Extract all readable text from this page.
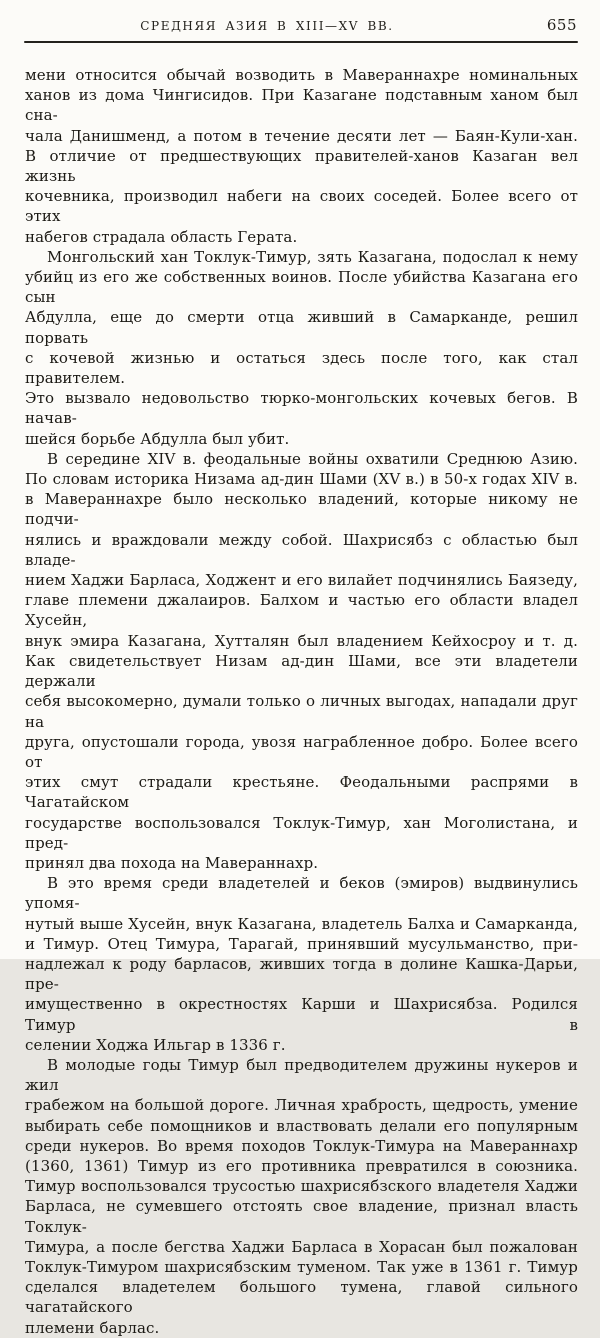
СРЕДНЯЯ АЗИЯ В XIII—XV ВВ.	655
мени относится обычай возводить в Мавераннахре номинальных
ханов из дома Чингисидов. При Казагане подставным ханом был сна-
чала Данишменд, а потом в течение десяти лет — Баян-Кули-хан.
В отличие от предшествующих правителей-ханов Казаган вел жизнь
кочевника, производил набеги на своих соседей. Более всего от этих
набегов страдала область Герата.
Монгольский хан Токлук-Тимур, зять Казагана, подослал к нему
убийц из его же собственных воинов. После убийства Казагана его сын
Абдулла, еще до смерти отца живший в Самарканде, решил порвать
с кочевой жизнью и остаться здесь после того, как стал правителем.
Это вызвало недовольство тюрко-монгольских кочевых бегов. В начав-
шейся борьбе Абдулла был убит.
В середине XIV в. феодальные войны охватили Среднюю Азию.
По словам историка Низама ад-дин Шами (XV в.) в 50-х годах XIV в.
в Мавераннахре было несколько владений, которые никому не подчи-
нялись и враждовали между собой. Шахрисябз с областью был владе-
нием Хаджи Барласа, Ходжент и его вилайет подчинялись Баязеду,
главе племени джалаиров. Балхом и частью его области владел Хусейн,
внук эмира Казагана, Хутталян был владением Кейхосроу и т. д.
Как свидетельствует Низам ад-дин Шами, все эти владетели держали
себя высокомерно, думали только о личных выгодах, нападали друг на
друга, опустошали города, увозя награбленное добро. Более всего от
этих смут страдали крестьяне. Феодальными распрями в Чагатайском
государстве воспользовался Токлук-Тимур, хан Моголистана, и пред-
принял два похода на Мавераннахр.
В это время среди владетелей и беков (эмиров) выдвинулись упомя-
нутый выше Хусейн, внук Казагана, владетель Балха и Самарканда,
и Тимур. Отец Тимура, Тарагай, принявший мусульманство, при-
надлежал к роду барласов, живших тогда в долине Кашка-Дарьи, пре-
имущественно в окрестностях Карши и Шахрисябза. Родился Тимур в
селении Ходжа Ильгар в 1336 г.
В молодые годы Тимур был предводителем дружины нукеров и жил
грабежом на большой дороге. Личная храбрость, щедрость, умение
выбирать себе помощников и властвовать делали его популярным
среди нукеров. Во время походов Токлук-Тимура на Мавераннахр
(1360, 1361) Тимур из его противника превратился в союзника.
Тимур воспользовался трусостью шахрисябзского владетеля Хаджи
Барласа, не сумевшего отстоять свое владение, признал власть Токлук-
Тимура, а после бегства Хаджи Барласа в Хорасан был пожалован
Токлук-Тимуром шахрисябзским туменом. Так уже в 1361 г. Тимур
сделался владетелем большого тумена, главой сильного чагатайского
племени барлас.
